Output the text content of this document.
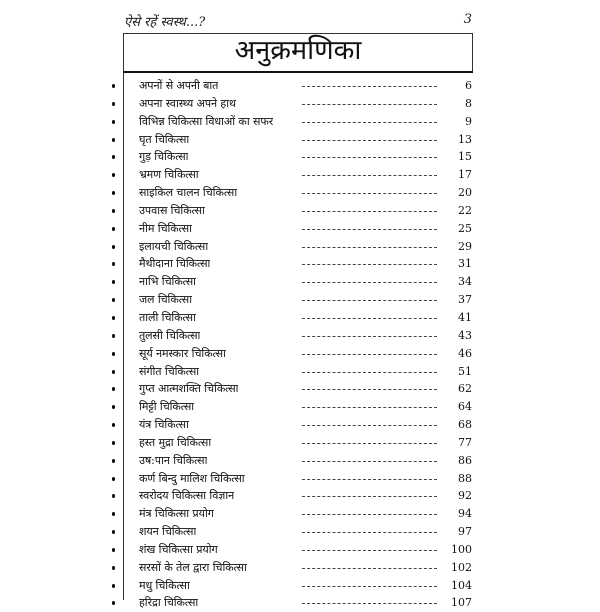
ऐसे रहें स्वस्थ...?	3
अनुक्रमणिका
अपनों से अपनी बात	6
अपना स्वास्थ्य अपने हाथ	8
विभिन्न चिकित्सा विधाओं का सफर	9
घृत चिकित्सा	13
गुड़ चिकित्सा	15
भ्रमण चिकित्सा	17
साइकिल चालन चिकित्सा	20
उपवास चिकित्सा	22
नीम चिकित्सा	25
इलायची चिकित्सा	29
मैथीदाना चिकित्सा	31
नाभि चिकित्सा	34
जल चिकित्सा	37
ताली चिकित्सा	41
तुलसी चिकित्सा	43
सूर्य नमस्कार चिकित्सा	46
संगीत चिकित्सा	51
गुप्त आत्मशक्ति चिकित्सा	62
मिट्टी चिकित्सा	64
यंत्र चिकित्सा	68
हस्त मुद्रा चिकित्सा	77
उष:पान चिकित्सा	86
कर्ण बिन्दु मालिश चिकित्सा	88
स्वरोदय चिकित्सा विज्ञान	92
मंत्र चिकित्सा प्रयोग	94
शयन चिकित्सा	97
शंख चिकित्सा प्रयोग	100
सरसों के तेल द्वारा चिकित्सा	102
मधु चिकित्सा	104
हरिद्रा चिकित्सा	107
